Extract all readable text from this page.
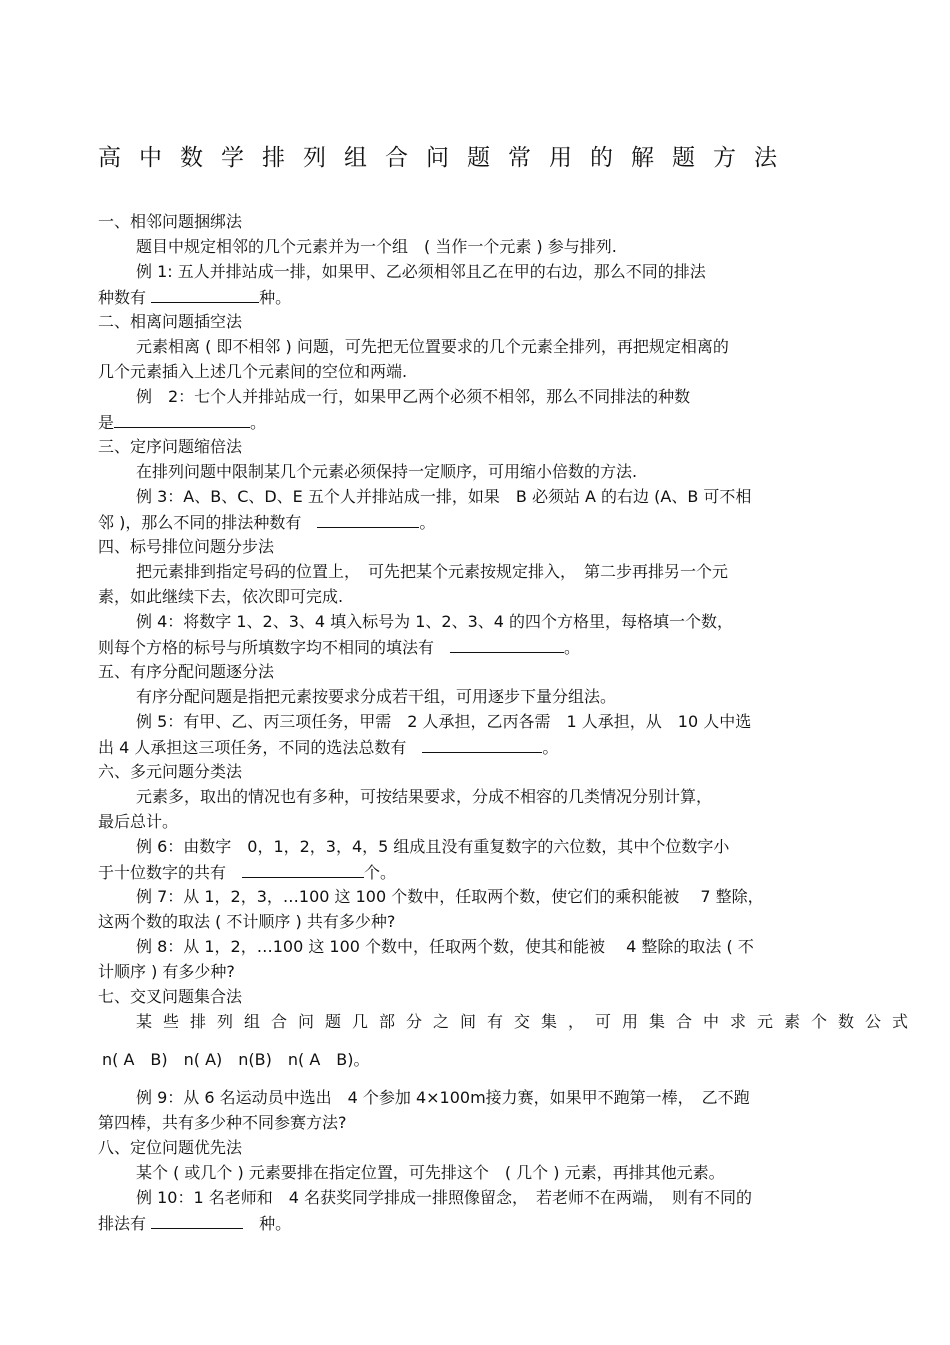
高中数学排列组合问题常用的解题方法
一、相邻问题捆绑法
题目中规定相邻的几个元素并为一个组　( 当作一个元素 ) 参与排列.
例 1: 五人并排站成一排，如果甲、乙必须相邻且乙在甲的右边，那么不同的排法
种数有	种。
二、相离问题插空法
元素相离 ( 即不相邻 ) 问题，可先把无位置要求的几个元素全排列，再把规定相离的
几个元素插入上述几个元素间的空位和两端.
例　2：七个人并排站成一行，如果甲乙两个必须不相邻，那么不同排法的种数
是	。
三、定序问题缩倍法
在排列问题中限制某几个元素必须保持一定顺序，可用缩小倍数的方法.
例 3：A、B、C、D、E 五个人并排站成一排，如果　B 必须站 A 的右边 (A、B 可不相
邻 )，那么不同的排法种数有　	。
四、标号排位问题分步法
把元素排到指定号码的位置上，　可先把某个元素按规定排入，　第二步再排另一个元
素，如此继续下去，依次即可完成.
例 4：将数字 1、2、3、4 填入标号为 1、2、3、4 的四个方格里，每格填一个数，
则每个方格的标号与所填数字均不相同的填法有　	。
五、有序分配问题逐分法
有序分配问题是指把元素按要求分成若干组，可用逐步下量分组法。
例 5：有甲、乙、丙三项任务，甲需　2 人承担，乙丙各需　1 人承担，从　10 人中选
出 4 人承担这三项任务，不同的选法总数有　	。
六、多元问题分类法
元素多，取出的情况也有多种，可按结果要求，分成不相容的几类情况分别计算，
最后总计。
例 6：由数字　0，1，2，3，4，5 组成且没有重复数字的六位数，其中个位数字小
于十位数字的共有　	个。
例 7：从 1，2，3，…100 这 100 个数中，任取两个数，使它们的乘积能被　 7 整除，
这两个数的取法 ( 不计顺序 ) 共有多少种?
例 8：从 1，2，…100 这 100 个数中，任取两个数，使其和能被　 4 整除的取法 ( 不
计顺序 ) 有多少种?
七、交叉问题集合法
某些排列组合问题几部分之间有交集，可用集合中求元素个数公式
n( A　B)　n( A)　n(B)　n( A　B)。
例 9：从 6 名运动员中选出　4 个参加 4×100m接力赛，如果甲不跑第一棒，　乙不跑
第四棒，共有多少种不同参赛方法?
八、定位问题优先法
某个 ( 或几个 ) 元素要排在指定位置，可先排这个　( 几个 ) 元素，再排其他元素。
例 10：1 名老师和　4 名获奖同学排成一排照像留念，　若老师不在两端，　则有不同的
排法有	　种。
